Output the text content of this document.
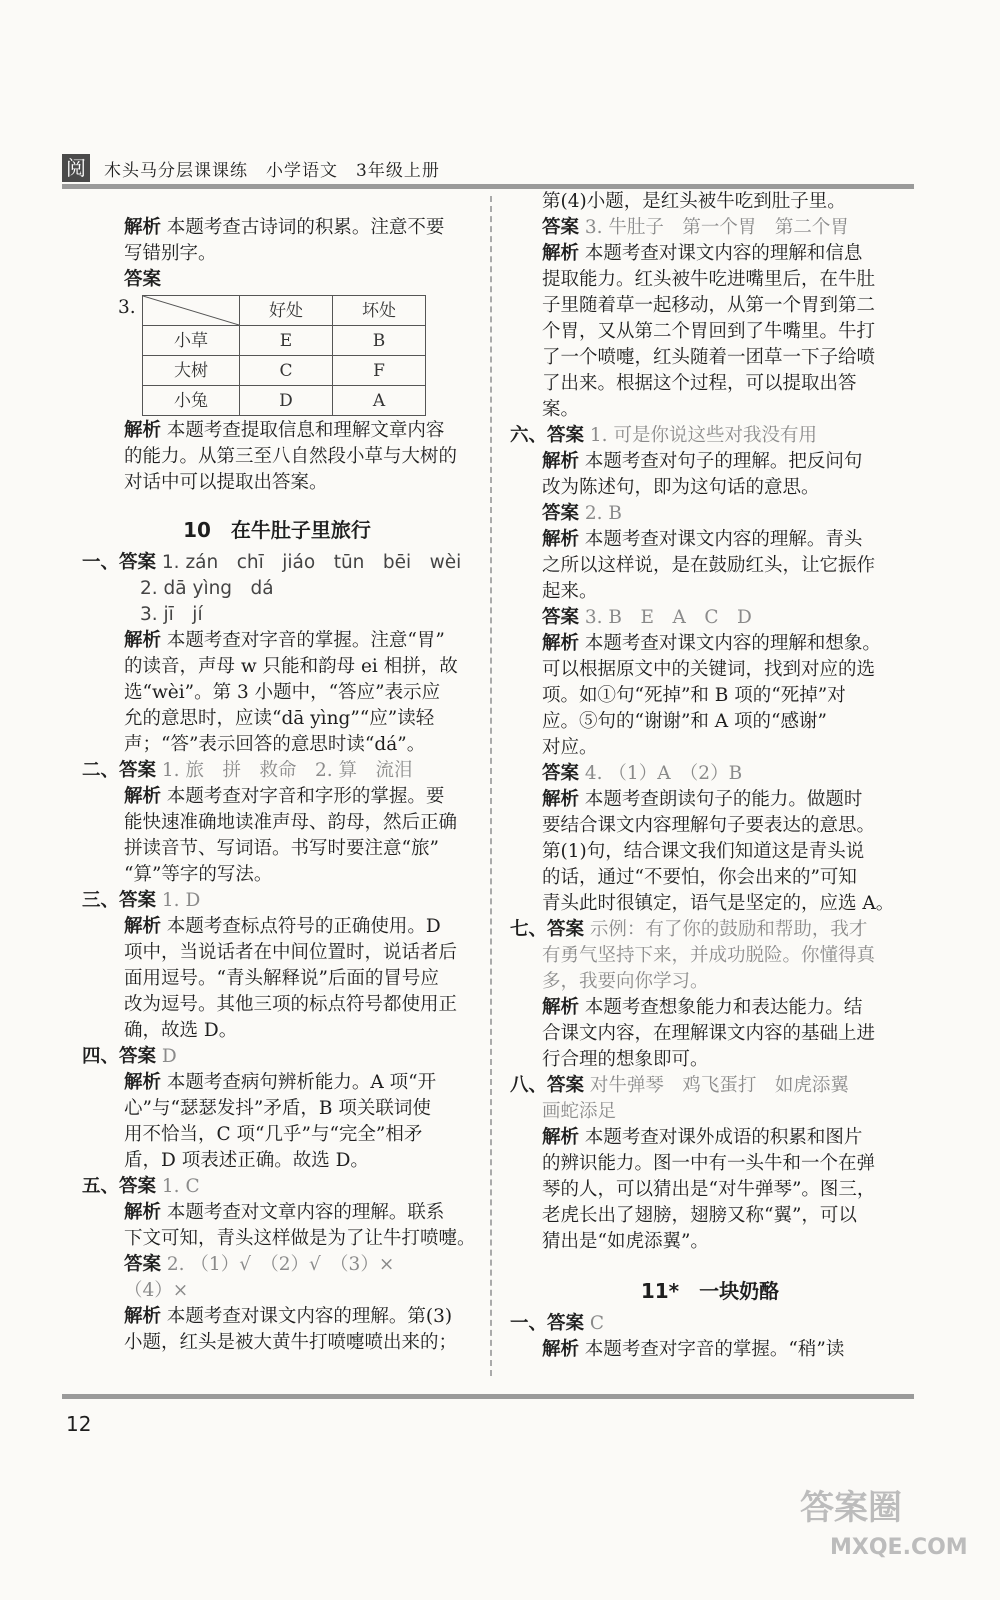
阅 木头马分层课课练　小学语文　3年级上册
解析 本题考查古诗词的积累。注意不要
写错别字。
答案
3.
		好处	坏处
小草	E	B
大树	C	F
小兔	D	A
解析 本题考查提取信息和理解文章内容
的能力。从第三至八自然段小草与大树的
对话中可以提取出答案。
10　在牛肚子里旅行
一、答案 1. zán　chī　jiáo　tūn　bēi　wèi
2. dā yìng　dá
3. jī　jí
解析 本题考查对字音的掌握。注意“胃”
的读音，声母 w 只能和韵母 ei 相拼，故
选“wèi”。第 3 小题中，“答应”表示应
允的意思时，应读“dā yìng”“应”读轻
声；“答”表示回答的意思时读“dá”。
二、答案 1. 旅　拼　救命　2. 算　流泪
解析 本题考查对字音和字形的掌握。要
能快速准确地读准声母、韵母，然后正确
拼读音节、写词语。书写时要注意“旅”
“算”等字的写法。
三、答案 1. D
解析 本题考查标点符号的正确使用。D
项中，当说话者在中间位置时，说话者后
面用逗号。“青头解释说”后面的冒号应
改为逗号。其他三项的标点符号都使用正
确，故选 D。
四、答案 D
解析 本题考查病句辨析能力。A 项“开
心”与“瑟瑟发抖”矛盾，B 项关联词使
用不恰当，C 项“几乎”与“完全”相矛
盾，D 项表述正确。故选 D。
五、答案 1. C
解析 本题考查对文章内容的理解。联系
下文可知，青头这样做是为了让牛打喷嚏。
答案 2. （1）√　（2）√　（3）×
（4）×
解析 本题考查对课文内容的理解。第(3)
小题，红头是被大黄牛打喷嚏喷出来的；
第(4)小题，是红头被牛吃到肚子里。
答案 3. 牛肚子　第一个胃　第二个胃
解析 本题考查对课文内容的理解和信息
提取能力。红头被牛吃进嘴里后，在牛肚
子里随着草一起移动，从第一个胃到第二
个胃，又从第二个胃回到了牛嘴里。牛打
了一个喷嚏，红头随着一团草一下子给喷
了出来。根据这个过程，可以提取出答
案。
六、答案 1. 可是你说这些对我没有用
解析 本题考查对句子的理解。把反问句
改为陈述句，即为这句话的意思。
答案 2. B
解析 本题考查对课文内容的理解。青头
之所以这样说，是在鼓励红头，让它振作
起来。
答案 3. B　E　A　C　D
解析 本题考查对课文内容的理解和想象。
可以根据原文中的关键词，找到对应的选
项。如①句“死掉”和 B 项的“死掉”对
应。⑤句的“谢谢”和 A 项的“感谢”
对应。
答案 4. （1）A　（2）B
解析 本题考查朗读句子的能力。做题时
要结合课文内容理解句子要表达的意思。
第(1)句，结合课文我们知道这是青头说
的话，通过“不要怕，你会出来的”可知
青头此时很镇定，语气是坚定的，应选 A。
七、答案 示例：有了你的鼓励和帮助，我才
有勇气坚持下来，并成功脱险。你懂得真
多，我要向你学习。
解析 本题考查想象能力和表达能力。结
合课文内容，在理解课文内容的基础上进
行合理的想象即可。
八、答案 对牛弹琴　鸡飞蛋打　如虎添翼
画蛇添足
解析 本题考查对课外成语的积累和图片
的辨识能力。图一中有一头牛和一个在弹
琴的人，可以猜出是“对牛弹琴”。图三，
老虎长出了翅膀，翅膀又称“翼”，可以
猜出是“如虎添翼”。
11*　一块奶酪
一、答案 C
解析 本题考查对字音的掌握。“稍”读
12
答案圈
MXQE.COM
